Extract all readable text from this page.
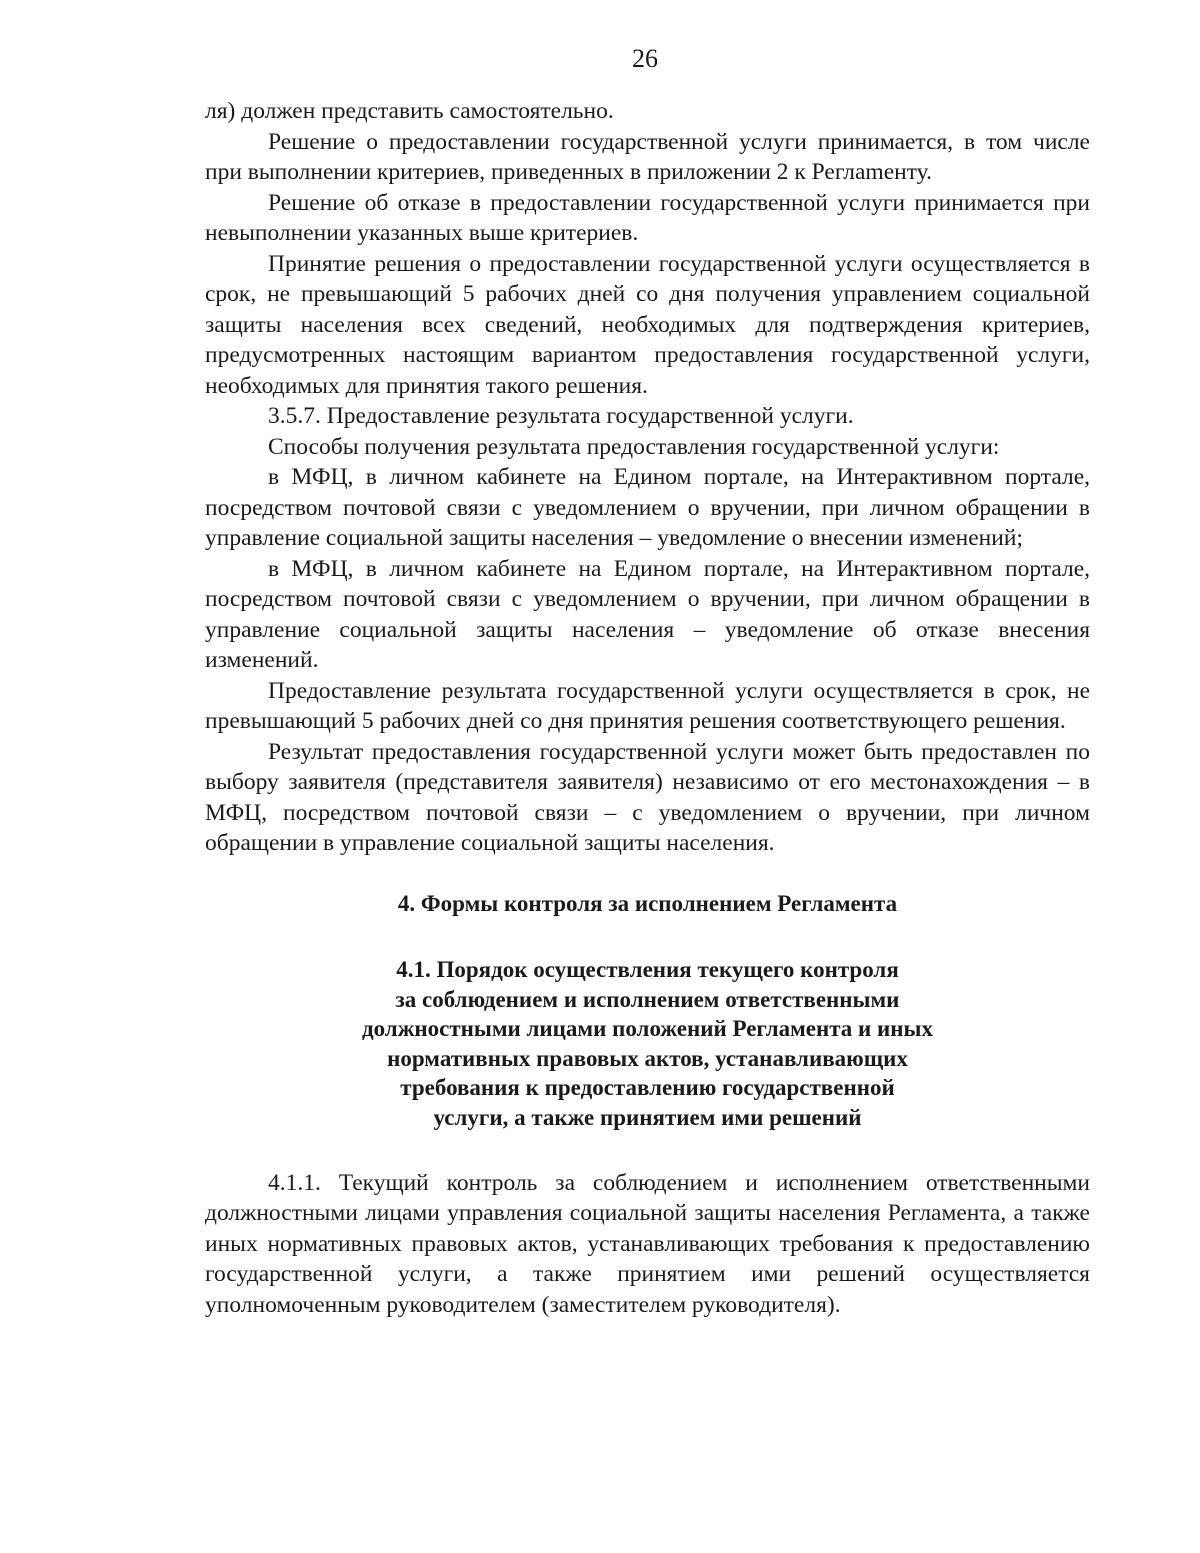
26

ля) должен представить самостоятельно.

Решение о предоставлении государственной услуги принимается, в том числе при выполнении критериев, приведенных в приложении 2 к Реглаmенту.

Решение об отказе в предоставлении государственной услуги принимается при невыполнении указанных выше критериев.

Принятие решения о предоставлении государственной услуги осуществляется в срок, не превышающий 5 рабочих дней со дня получения управлением социальной защиты населения всех сведений, необходимых для подтверждения критериев, предусмотренных настоящим вариантом предоставления государственной услуги, необходимых для принятия такого решения.

3.5.7. Предоставление результата государственной услуги.

Способы получения результата предоставления государственной услуги:

в МФЦ, в личном кабинете на Едином портале, на Интерактивном портале, посредством почтовой связи с уведомлением о вручении, при личном обращении в управление социальной защиты населения – уведомление о внесении изменений;

в МФЦ, в личном кабинете на Едином портале, на Интерактивном портале, посредством почтовой связи с уведомлением о вручении, при личном обращении в управление социальной защиты населения – уведомление об отказе внесения изменений.

Предоставление результата государственной услуги осуществляется в срок, не превышающий 5 рабочих дней со дня принятия решения соответствующего решения.

Результат предоставления государственной услуги может быть предоставлен по выбору заявителя (представителя заявителя) независимо от его местонахождения – в МФЦ, посредством почтовой связи – с уведомлением о вручении, при личном обращении в управление социальной защиты населения.

4. Формы контроля за исполнением Регламента

4.1. Порядок осуществления текущего контроля
за соблюдением и исполнением ответственными
должностными лицами положений Регламента и иных
нормативных правовых актов, устанавливающих
требования к предоставлению государственной
услуги, а также принятием ими решений

4.1.1. Текущий контроль за соблюдением и исполнением ответственными должностными лицами управления социальной защиты населения Регламента, а также иных нормативных правовых актов, устанавливающих требования к предоставлению государственной услуги, а также принятием ими решений осуществляется уполномоченным руководителем (заместителем руководителя).
